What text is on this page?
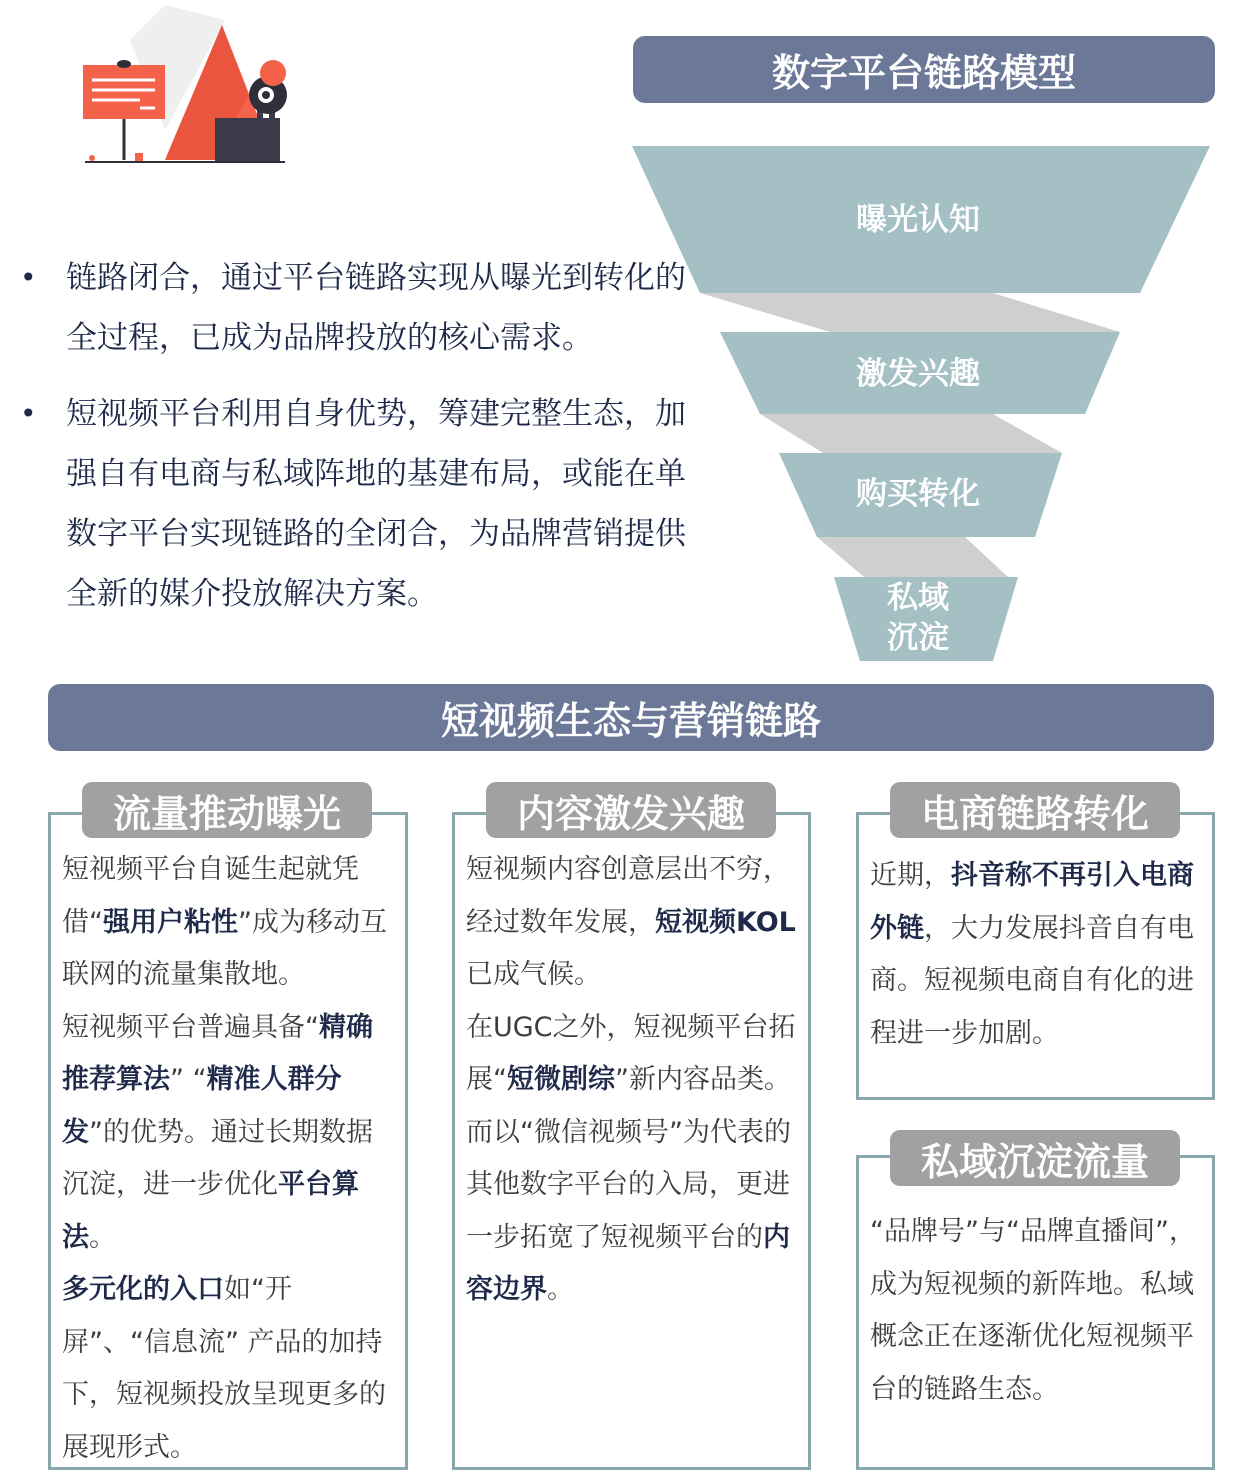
数字平台链路模型
• 链路闭合，通过平台链路实现从曝光到转化的全过程，已成为品牌投放的核心需求。
• 短视频平台利用自身优势，筹建完整生态，加强自有电商与私域阵地的基建布局，或能在单数字平台实现链路的全闭合，为品牌营销提供全新的媒介投放解决方案。
曝光认知
激发兴趣
购买转化
私域
沉淀
短视频生态与营销链路
流量推动曝光

短视频平台自诞生起就凭借“强用户粘性”成为移动互联网的流量集散地。

短视频平台普遍具备“精确推荐算法” “精准人群分发”的优势。通过长期数据沉淀，进一步优化平台算法。

多元化的入口如“开屏”、“信息流” 产品的加持下，短视频投放呈现更多的展现形式。

内容激发兴趣

短视频内容创意层出不穷，经过数年发展，短视频KOL已成气候。

在UGC之外，短视频平台拓展“短微剧综”新内容品类。

而以“微信视频号”为代表的其他数字平台的入局，更进一步拓宽了短视频平台的内容边界。

电商链路转化

近期，抖音称不再引入电商外链，大力发展抖音自有电商。短视频电商自有化的进程进一步加剧。

私域沉淀流量

“品牌号”与“品牌直播间”，成为短视频的新阵地。私域概念正在逐渐优化短视频平台的链路生态。
